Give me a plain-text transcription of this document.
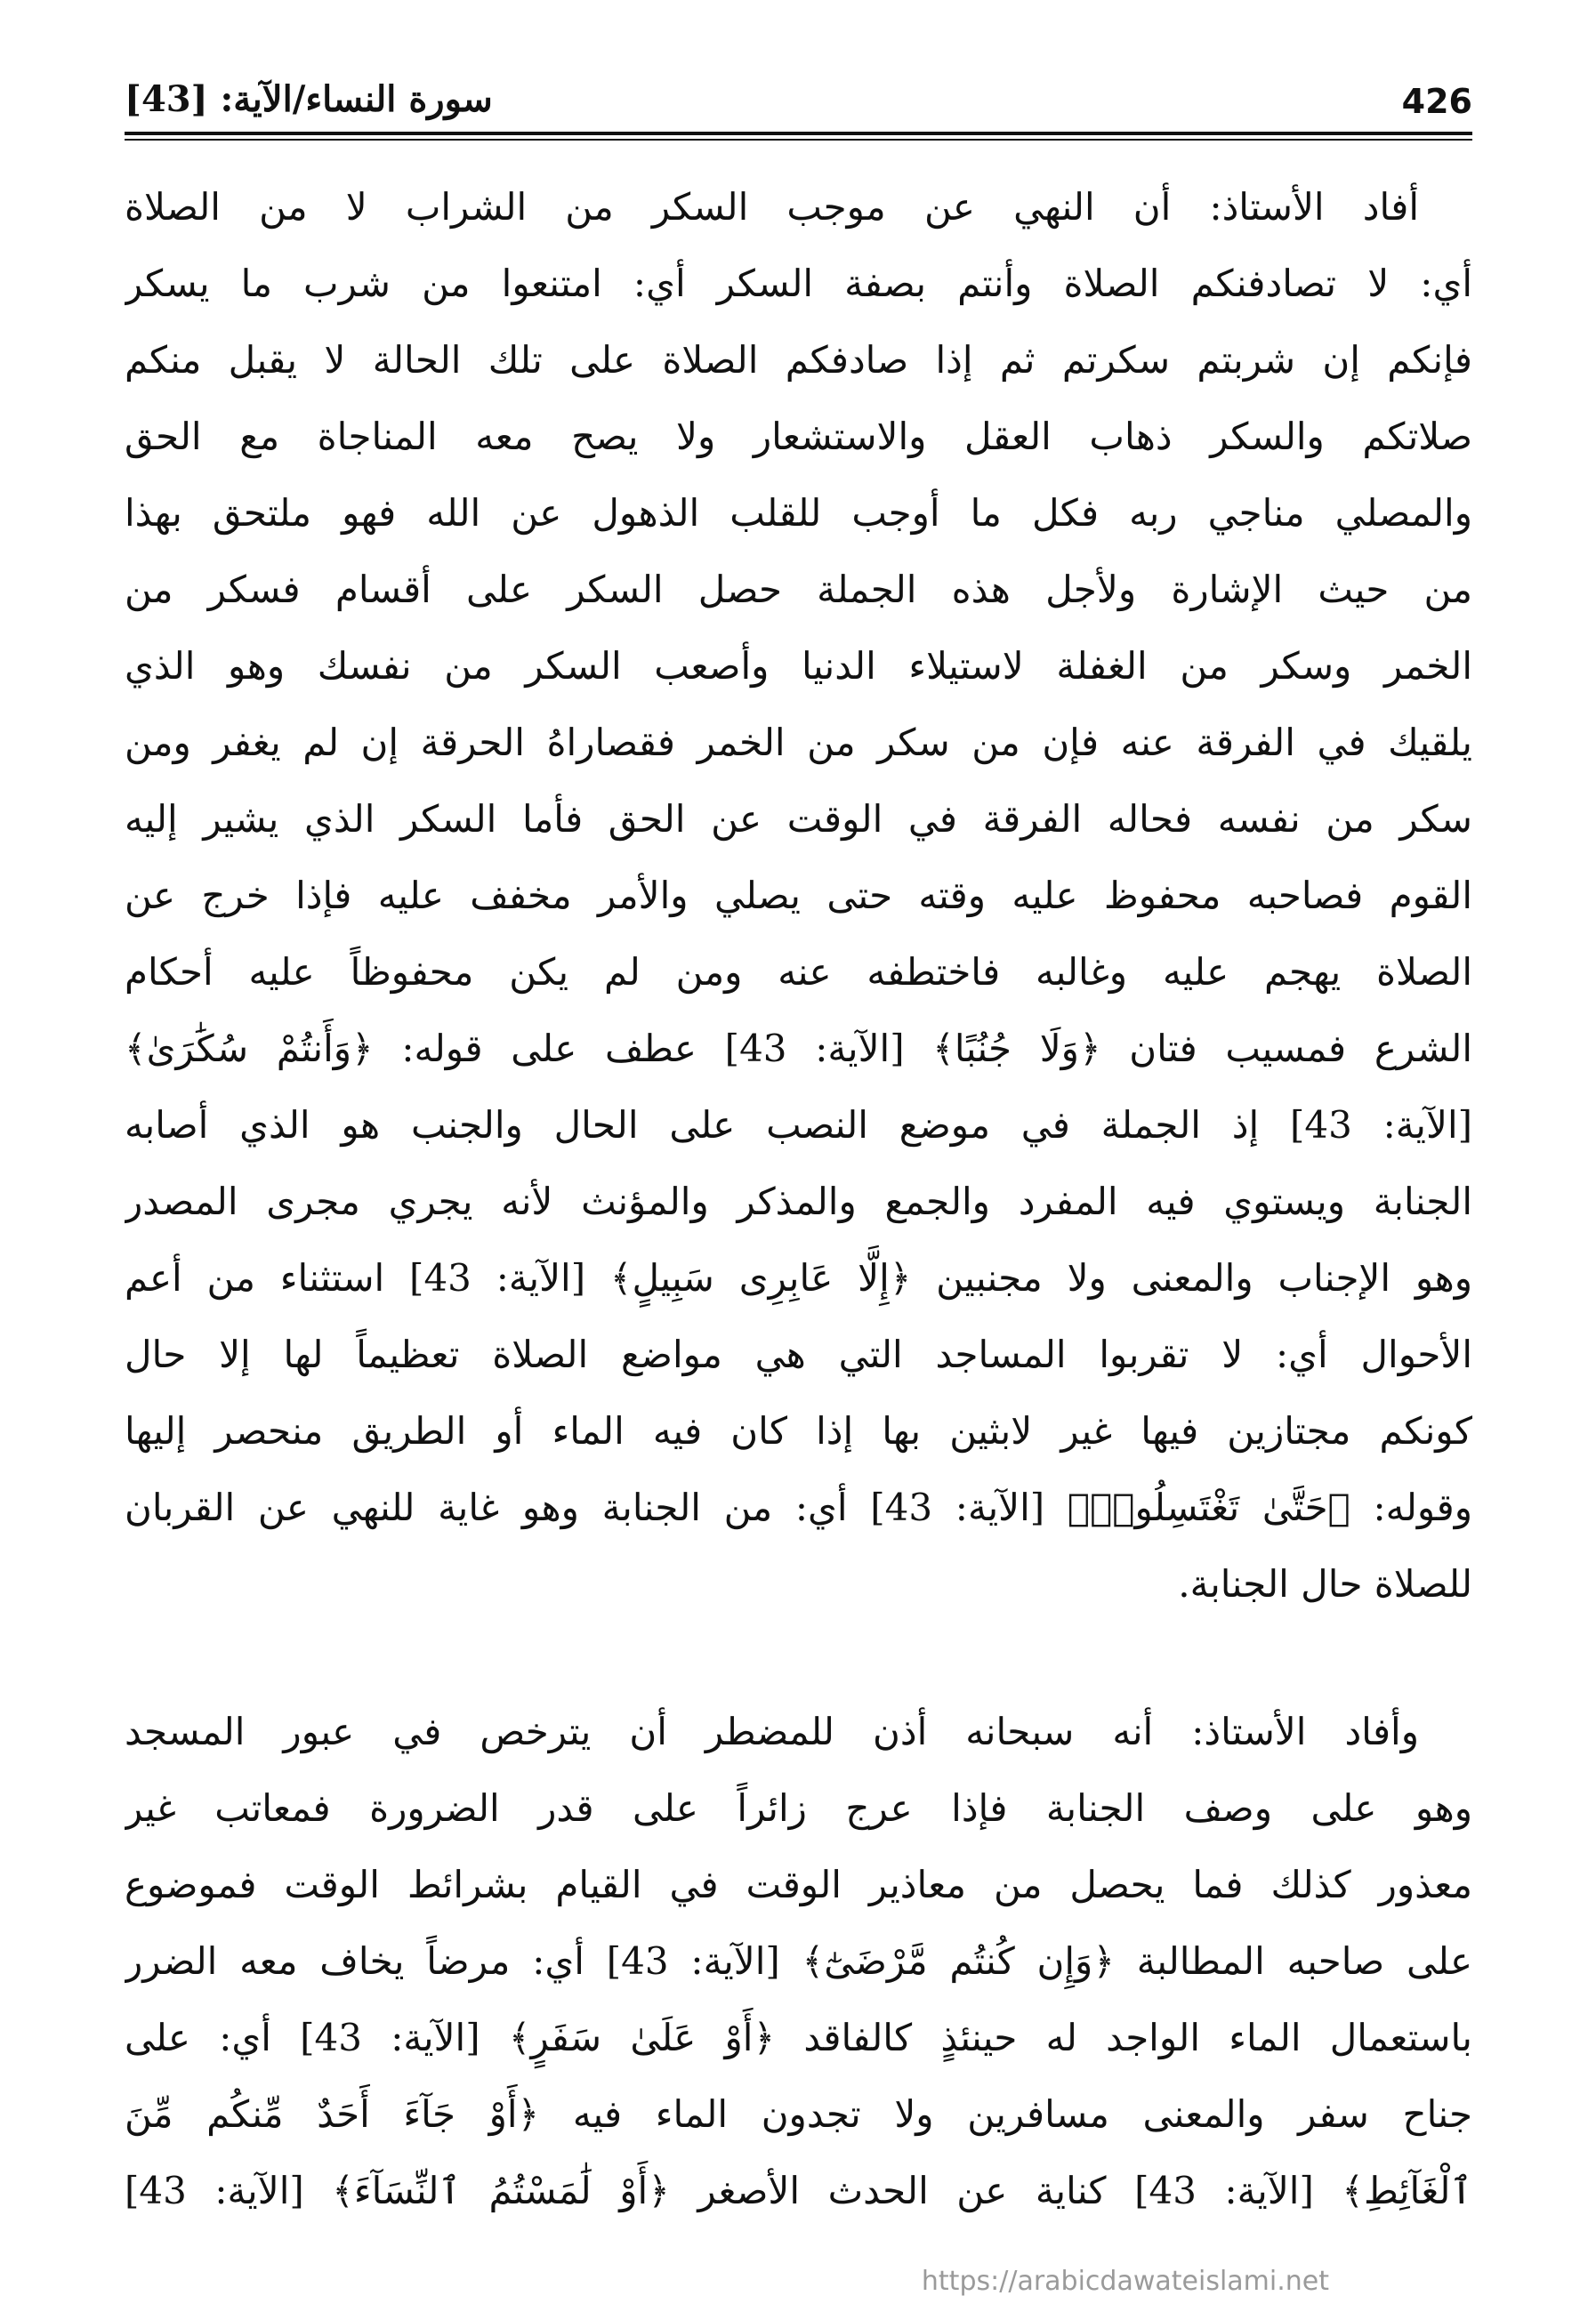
426
سورة النساء/الآية: [43]
أفاد الأستاذ: أن النهي عن موجب السكر من الشراب لا من الصلاة
أي: لا تصادفنكم الصلاة وأنتم بصفة السكر أي: امتنعوا من شرب ما يسكر
فإنكم إن شربتم سكرتم ثم إذا صادفكم الصلاة على تلك الحالة لا يقبل منكم
صلاتكم والسكر ذهاب العقل والاستشعار ولا يصح معه المناجاة مع الحق
والمصلي مناجي ربه فكل ما أوجب للقلب الذهول عن الله فهو ملتحق بهذا
من حيث الإشارة ولأجل هذه الجملة حصل السكر على أقسام فسكر من
الخمر وسكر من الغفلة لاستيلاء الدنيا وأصعب السكر من نفسك وهو الذي
يلقيك في الفرقة عنه فإن من سكر من الخمر فقصاراهُ الحرقة إن لم يغفر ومن
سكر من نفسه فحاله الفرقة في الوقت عن الحق فأما السكر الذي يشير إليه
القوم فصاحبه محفوظ عليه وقته حتى يصلي والأمر مخفف عليه فإذا خرج عن
الصلاة يهجم عليه وغالبه فاختطفه عنه ومن لم يكن محفوظاً عليه أحكام
الشرع فمسيب فتان ﴿وَلَا جُنُبًا﴾ [الآية: 43] عطف على قوله: ﴿وَأَنتُمْ سُكَٰرَىٰ﴾
[الآية: 43] إذ الجملة في موضع النصب على الحال والجنب هو الذي أصابه
الجنابة ويستوي فيه المفرد والجمع والمذكر والمؤنث لأنه يجري مجرى المصدر
وهو الإجناب والمعنى ولا مجنبين ﴿إِلَّا عَابِرِى سَبِيلٍ﴾ [الآية: 43] استثناء من أعم
الأحوال أي: لا تقربوا المساجد التي هي مواضع الصلاة تعظيماً لها إلا حال
كونكم مجتازين فيها غير لابثين بها إذا كان فيه الماء أو الطريق منحصر إليها
وقوله: ﴿حَتَّىٰ تَغْتَسِلُوا۟﴾ [الآية: 43] أي: من الجنابة وهو غاية للنهي عن القربان
للصلاة حال الجنابة.
وأفاد الأستاذ: أنه سبحانه أذن للمضطر أن يترخص في عبور المسجد
وهو على وصف الجنابة فإذا عرج زائراً على قدر الضرورة فمعاتب غير
معذور كذلك فما يحصل من معاذير الوقت في القيام بشرائط الوقت فموضوع
على صاحبه المطالبة ﴿وَإِن كُنتُم مَّرْضَىٰٓ﴾ [الآية: 43] أي: مرضاً يخاف معه الضرر
باستعمال الماء الواجد له حينئذٍ كالفاقد ﴿أَوْ عَلَىٰ سَفَرٍ﴾ [الآية: 43] أي: على
جناح سفر والمعنى مسافرين ولا تجدون الماء فيه ﴿أَوْ جَآءَ أَحَدٌ مِّنكُم مِّنَ
ٱلْغَآئِطِ﴾ [الآية: 43] كناية عن الحدث الأصغر ﴿أَوْ لَٰمَسْتُمُ ٱلنِّسَآءَ﴾ [الآية: 43]
https://arabicdawateislami.net
